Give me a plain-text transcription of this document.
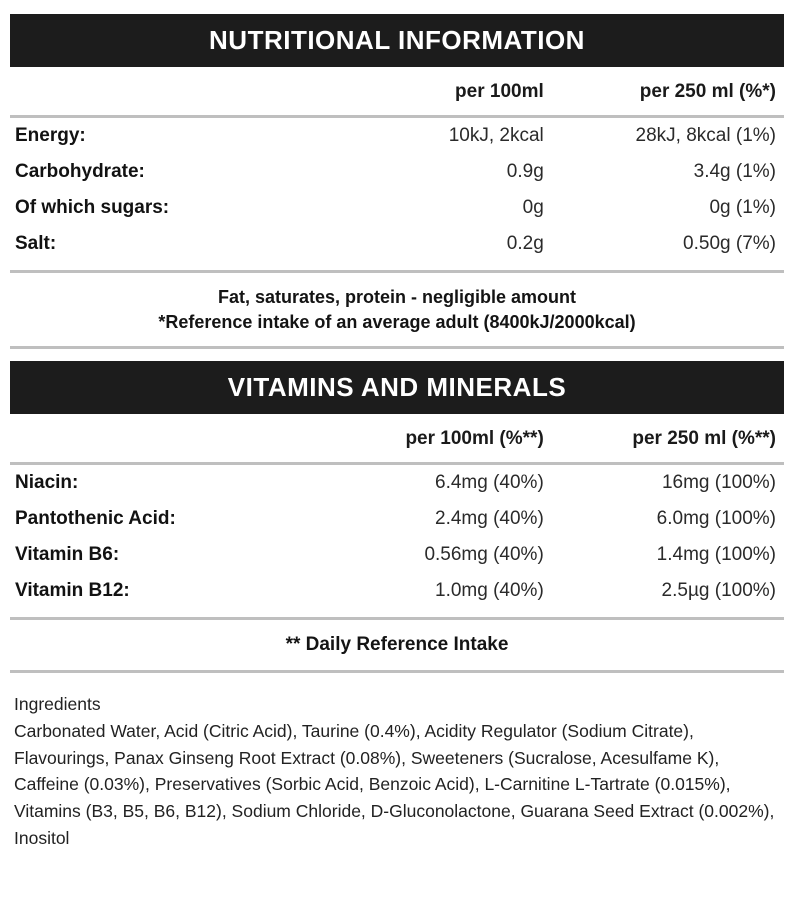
NUTRITIONAL INFORMATION
	per 100ml	per 250 ml (%*)
Energy:	10kJ, 2kcal	28kJ, 8kcal (1%)
Carbohydrate:	0.9g	3.4g (1%)
Of which sugars:	0g	0g (1%)
Salt:	0.2g	0.50g (7%)
Fat, saturates, protein - negligible amount
*Reference intake of an average adult (8400kJ/2000kcal)
VITAMINS AND MINERALS
	per 100ml (%**)	per 250 ml (%**)
Niacin:	6.4mg (40%)	16mg (100%)
Pantothenic Acid:	2.4mg (40%)	6.0mg (100%)
Vitamin B6:	0.56mg (40%)	1.4mg (100%)
Vitamin B12:	1.0mg (40%)	2.5µg (100%)
** Daily Reference Intake

Ingredients

Carbonated Water, Acid (Citric Acid), Taurine (0.4%), Acidity Regulator (Sodium Citrate), Flavourings, Panax Ginseng Root Extract (0.08%), Sweeteners (Sucralose, Acesulfame K), Caffeine (0.03%), Preservatives (Sorbic Acid, Benzoic Acid), L-Carnitine L-Tartrate (0.015%), Vitamins (B3, B5, B6, B12), Sodium Chloride, D-Gluconolactone, Guarana Seed Extract (0.002%), Inositol
